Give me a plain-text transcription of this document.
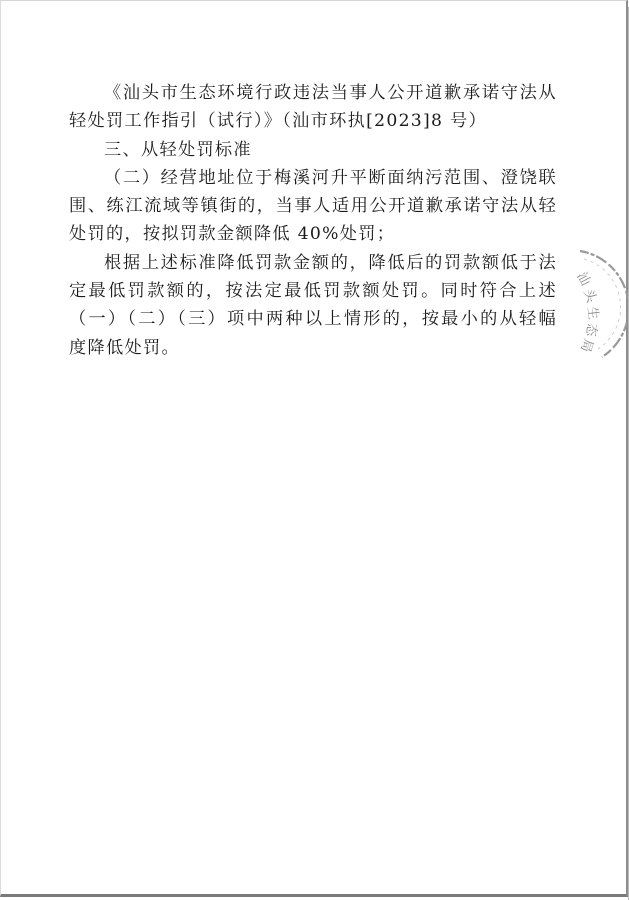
《汕头市生态环境行政违法当事人公开道歉承诺守法从
轻处罚工作指引（试行）》（汕市环执[2023]8 号）
三、从轻处罚标准
（二）经营地址位于梅溪河升平断面纳污范围、澄饶联
围、练江流域等镇街的，当事人适用公开道歉承诺守法从轻
处罚的，按拟罚款金额降低 40%处罚；
根据上述标准降低罚款金额的，降低后的罚款额低于法
定最低罚款额的，按法定最低罚款额处罚。同时符合上述
（一）（二）（三）项中两种以上情形的，按最小的从轻幅
度降低处罚。
汕
头
生
态
局
